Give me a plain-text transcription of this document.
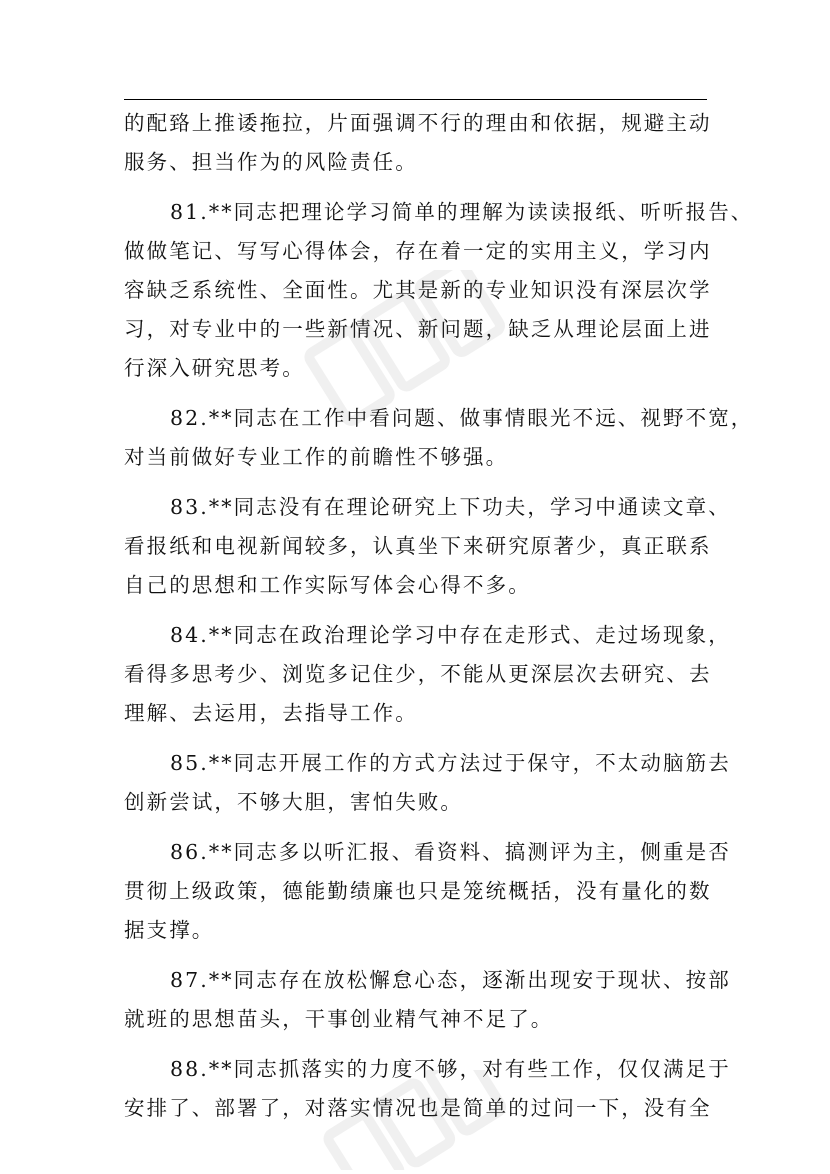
的配臵上推诿拖拉，片面强调不行的理由和依据，规避主动
服务、担当作为的风险责任。

81.**同志把理论学习简单的理解为读读报纸、听听报告、
做做笔记、写写心得体会，存在着一定的实用主义，学习内
容缺乏系统性、全面性。尤其是新的专业知识没有深层次学
习，对专业中的一些新情况、新问题，缺乏从理论层面上进
行深入研究思考。

82.**同志在工作中看问题、做事情眼光不远、视野不宽，
对当前做好专业工作的前瞻性不够强。

83.**同志没有在理论研究上下功夫，学习中通读文章、
看报纸和电视新闻较多，认真坐下来研究原著少，真正联系
自己的思想和工作实际写体会心得不多。

84.**同志在政治理论学习中存在走形式、走过场现象，
看得多思考少、浏览多记住少，不能从更深层次去研究、去
理解、去运用，去指导工作。

85.**同志开展工作的方式方法过于保守，不太动脑筋去
创新尝试，不够大胆，害怕失败。

86.**同志多以听汇报、看资料、搞测评为主，侧重是否
贯彻上级政策，德能勤绩廉也只是笼统概括，没有量化的数
据支撑。

87.**同志存在放松懈怠心态，逐渐出现安于现状、按部
就班的思想苗头，干事创业精气神不足了。

88.**同志抓落实的力度不够，对有些工作，仅仅满足于
安排了、部署了，对落实情况也是简单的过问一下，没有全
